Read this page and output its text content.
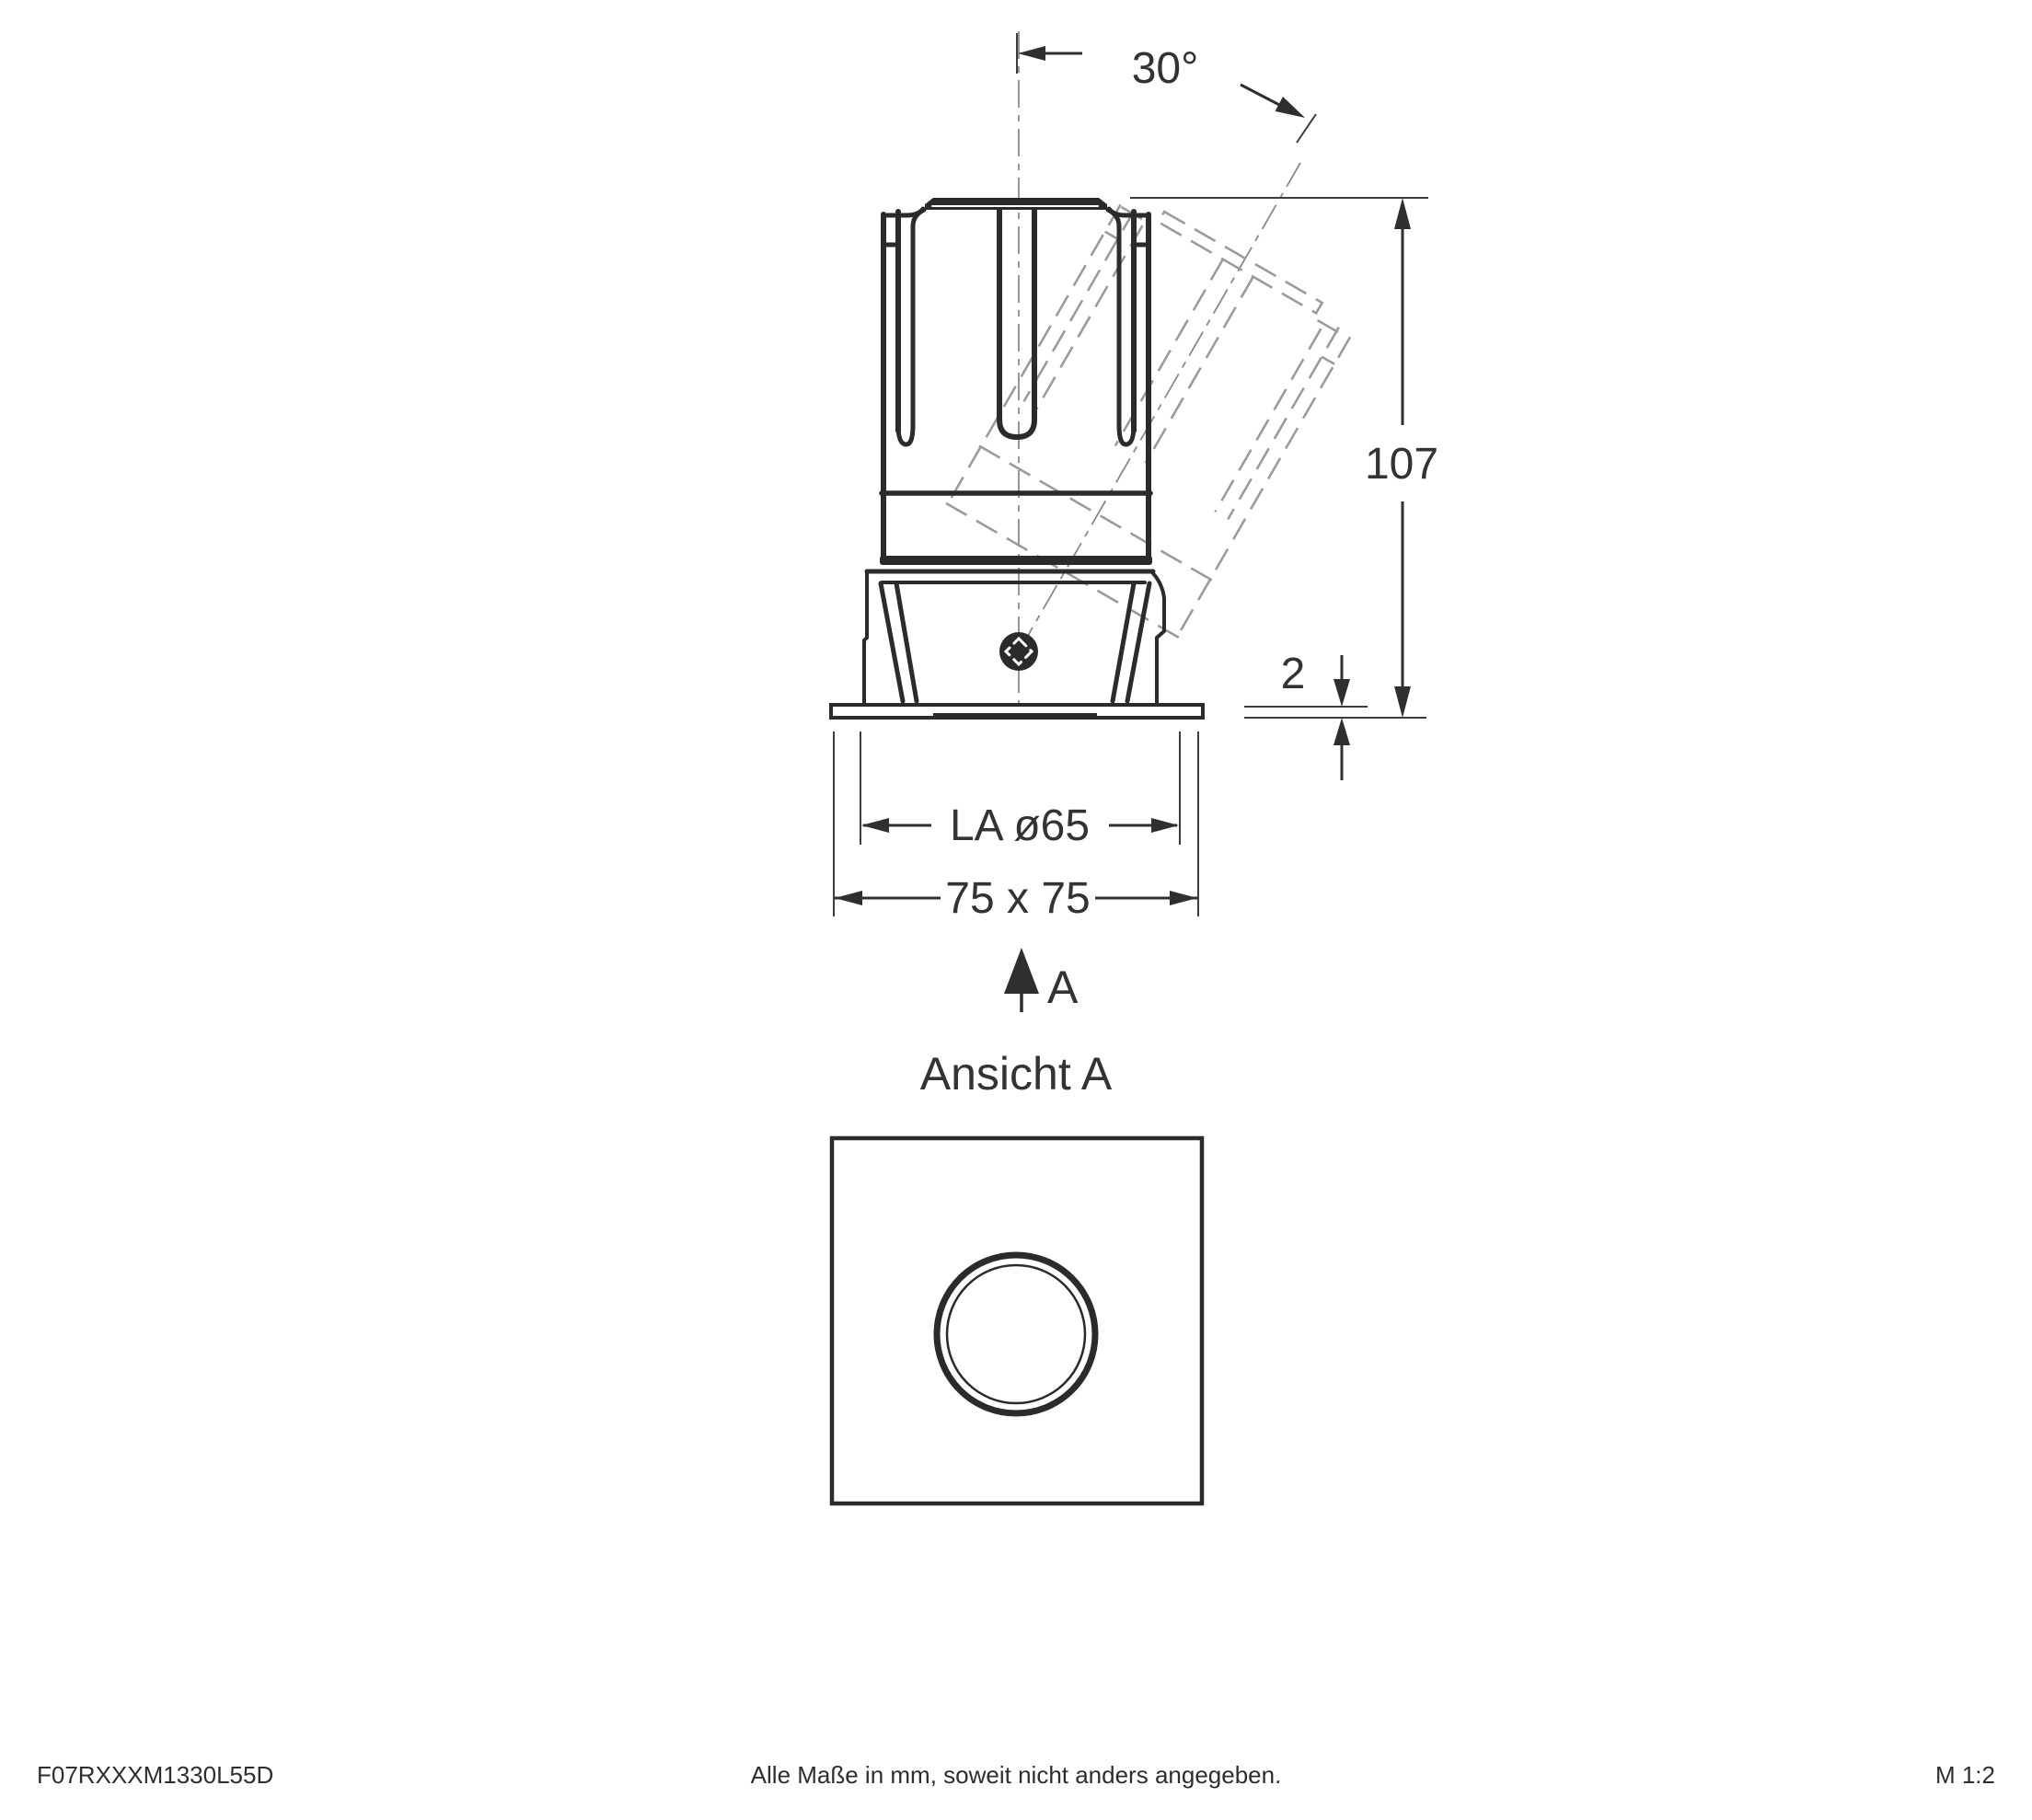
30°
107
2
LA ø65
75 x 75
A
Ansicht A
F07RXXXM1330L55D	Alle Maße in mm, soweit nicht anders angegeben.	M 1:2
